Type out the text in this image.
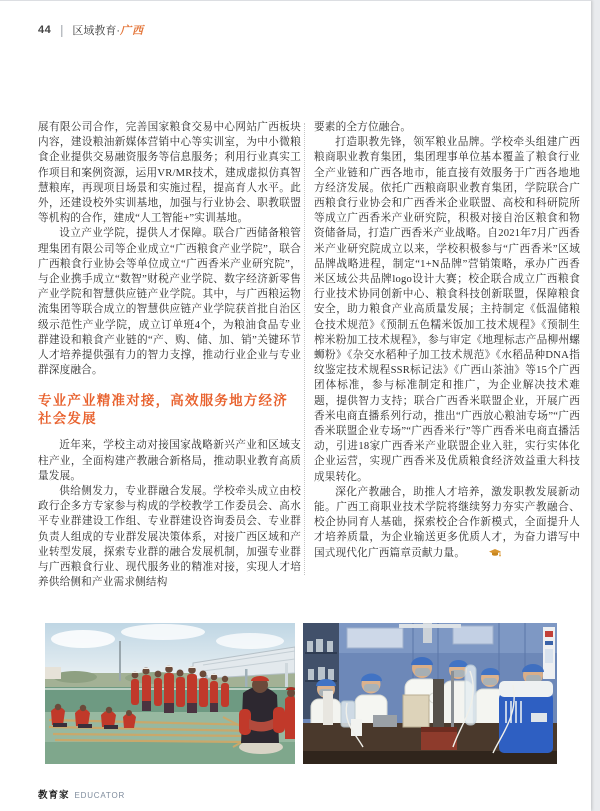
44 | 区域教育·广西

展有限公司合作，完善国家粮食交易中心网站广西板块内容，建设粮油新媒体营销中心等实训室，为中小微粮食企业提供交易融资服务等信息服务；利用行业真实工作项目和案例资源，运用VR/MR技术，建成虚拟仿真智慧粮库，再现项目场景和实施过程，提高育人水平。此外，还建设校外实训基地，加强与行业协会、职教联盟等机构的合作，建成“人工智能+”实训基地。

设立产业学院，提供人才保障。联合广西储备粮管理集团有限公司等企业成立“广西粮食产业学院”，联合广西粮食行业协会等单位成立“广西香米产业研究院”，与企业携手成立“数智”财税产业学院、数字经济新零售产业学院和智慧供应链产业学院。其中，与广西粮运物流集团等联合成立的智慧供应链产业学院获首批自治区级示范性产业学院，成立订单班4个，为粮油食品专业群建设和粮食产业链的“产、购、储、加、销”关键环节人才培养提供强有力的智力支撑，推动行业企业与专业群深度融合。

专业产业精准对接，高效服务地方经济社会发展

近年来，学校主动对接国家战略新兴产业和区域支柱产业，全面构建产教融合新格局，推动职业教育高质量发展。

供给侧发力，专业群融合发展。学校牵头成立由校政行企多方专家参与构成的学校教学工作委员会、高水平专业群建设工作组、专业群建设咨询委员会、专业群负责人组成的专业群发展决策体系，对接广西区域和产业转型发展，探索专业群的融合发展机制，加强专业群与广西粮食行业、现代服务业的精准对接，实现人才培养供给侧和产业需求侧结构

要素的全方位融合。

打造职教先锋，领军粮业品牌。学校牵头组建广西粮商职业教育集团，集团理事单位基本覆盖了粮食行业全产业链和广西各地市，能直接有效服务于广西各地地方经济发展。依托广西粮商职业教育集团，学院联合广西粮食行业协会和广西香米企业联盟、高校和科研院所等成立广西香米产业研究院，积极对接自治区粮食和物资储备局，打造广西香米产业战略。自2021年7月广西香米产业研究院成立以来，学校积极参与“广西香米”区域品牌战略进程，制定“1+N品牌”营销策略，承办广西香米区域公共品牌logo设计大赛；校企联合成立广西粮食行业技术协同创新中心、粮食科技创新联盟，保障粮食安全，助力粮食产业高质量发展；主持制定《低温储粮仓技术规范》《预制五色糯米饭加工技术规程》《预制生榨米粉加工技术规程》，参与审定《地理标志产品柳州螺蛳粉》《杂交水稻种子加工技术规范》《水稻品种DNA指纹鉴定技术规程SSR标记法》《广西山茶油》等15个广西团体标准，参与标准制定和推广，为企业解决技术难题，提供智力支持；联合广西香米联盟企业，开展广西香米电商直播系列行动，推出“广西放心粮油专场”“广西香米联盟企业专场”“广西香米行”等广西香米电商直播活动，引进18家广西香米产业联盟企业入驻，实行实体化企业运营，实现广西香米及优质粮食经济效益重大科技成果转化。

深化产教融合，助推人才培养，激发职教发展新动能。广西工商职业技术学院将继续努力夯实产教融合、校企协同育人基础，探索校企合作新模式，全面提升人才培养质量，为企业输送更多优质人才，为奋力谱写中国式现代化广西篇章贡献力量。

教育家 EDUCATOR
